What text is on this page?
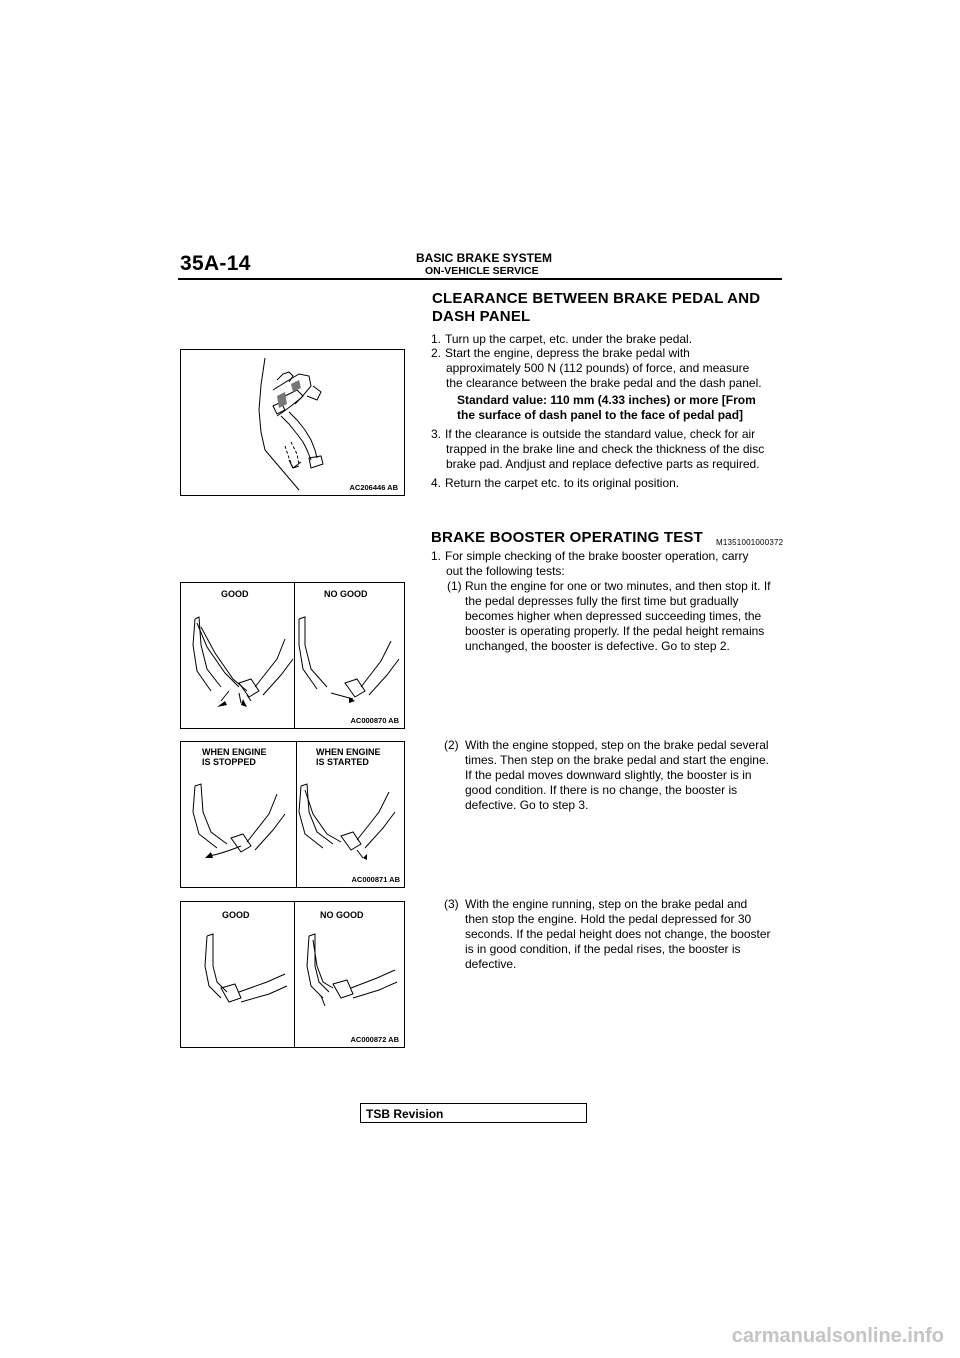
35A-14	BASIC BRAKE SYSTEM
ON-VEHICLE SERVICE
CLEARANCE BETWEEN BRAKE PEDAL AND
DASH PANEL
1. Turn up the carpet, etc. under the brake pedal.
2. Start the engine, depress the brake pedal with
approximately 500 N (112 pounds) of force, and measure
the clearance between the brake pedal and the dash panel.
Standard value: 110 mm (4.33 inches) or more [From
the surface of dash panel to the face of pedal pad]
3. If the clearance is outside the standard value, check for air
trapped in the brake line and check the thickness of the disc
brake pad. Andjust and replace defective parts as required.
4. Return the carpet etc. to its original position.
AC206446 AB
BRAKE BOOSTER OPERATING TEST M1351001000372
1. For simple checking of the brake booster operation, carry
out the following tests:
(1) Run the engine for one or two minutes, and then stop it. If
the pedal depresses fully the first time but gradually
becomes higher when depressed succeeding times, the
booster is operating properly. If the pedal height remains
unchanged, the booster is defective. Go to step 2.
(2) With the engine stopped, step on the brake pedal several
times. Then step on the brake pedal and start the engine.
If the pedal moves downward slightly, the booster is in
good condition. If there is no change, the booster is
defective. Go to step 3.
(3) With the engine running, step on the brake pedal and
then stop the engine. Hold the pedal depressed for 30
seconds. If the pedal height does not change, the booster
is in good condition, if the pedal rises, the booster is
defective.
GOOD	NO GOOD
AC000870 AB
WHEN ENGINE
IS STOPPED
WHEN ENGINE
IS STARTED
AC000871 AB
GOOD	NO GOOD
AC000872 AB
TSB Revision
carmanualsonline.info
